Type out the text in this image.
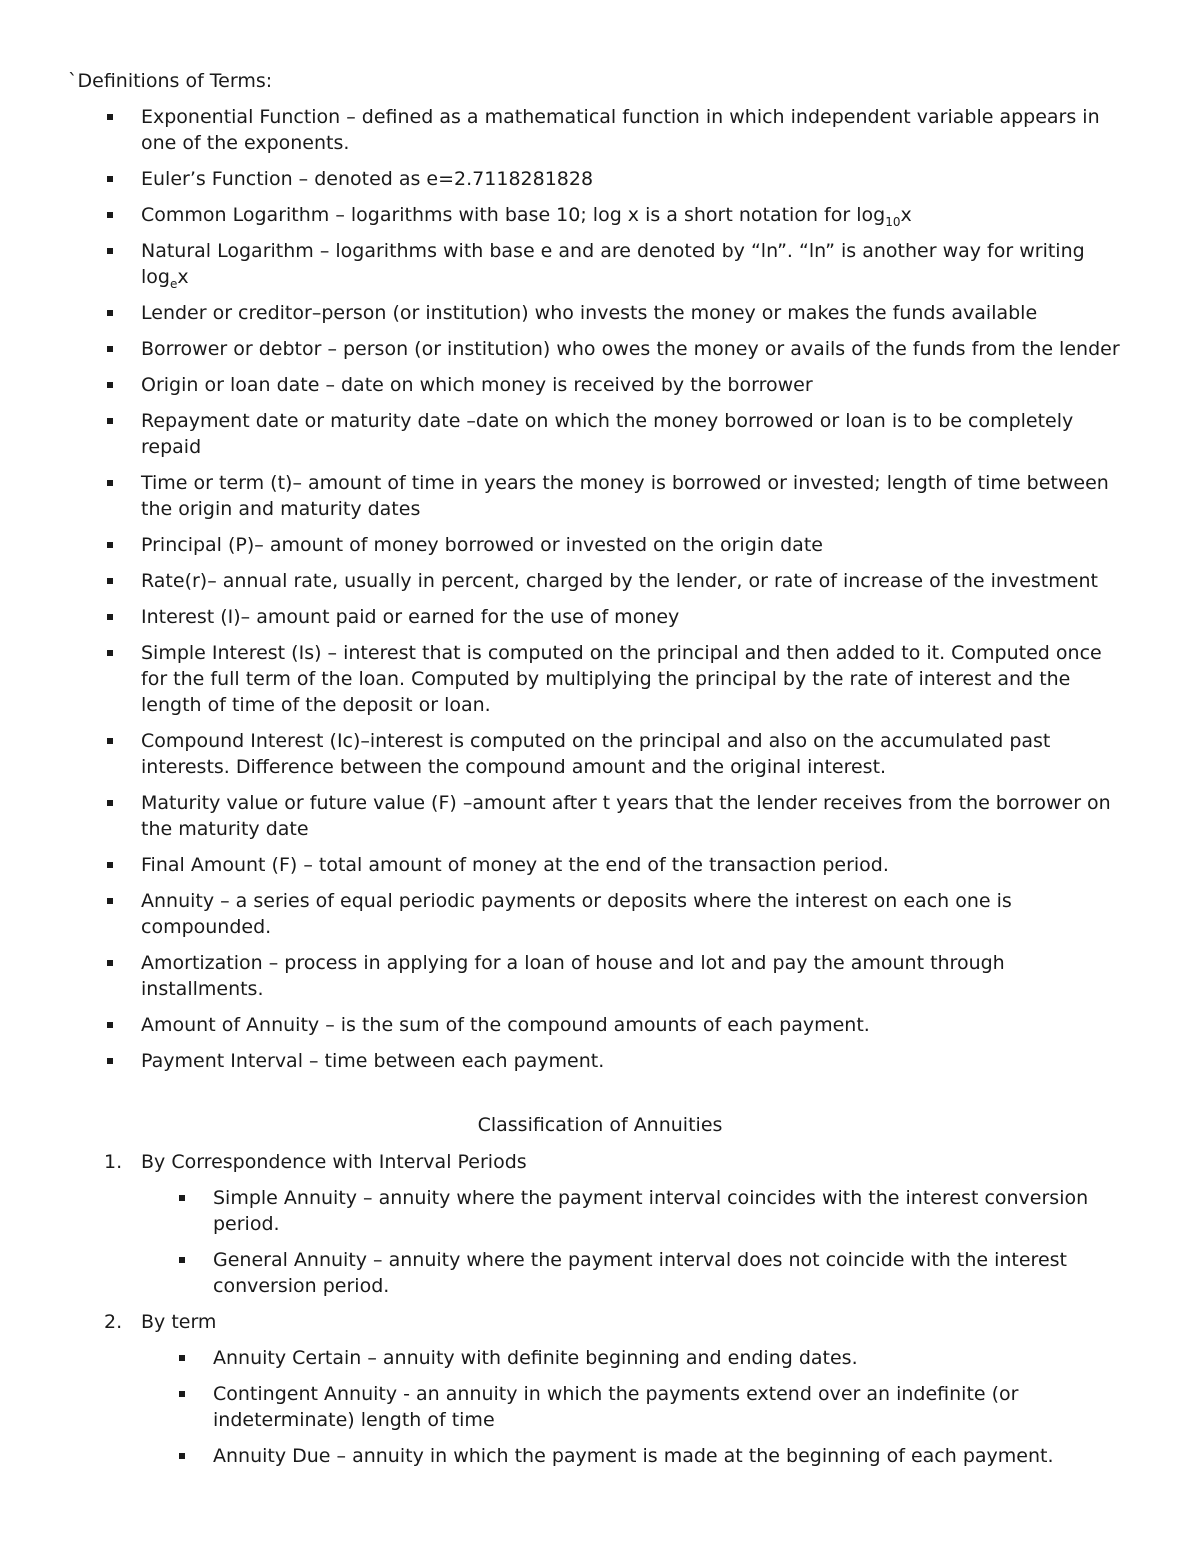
`Definitions of Terms:

Exponential Function – defined as a mathematical function in which independent variable appears in one of the exponents.
Euler’s Function – denoted as e=2.7118281828
Common Logarithm – logarithms with base 10; log x is a short notation for $\log_{10}x$
Natural Logarithm – logarithms with base e and are denoted by “ln”. “ln” is another way for writing $\log_ex$
Lender or creditor–person (or institution) who invests the money or makes the funds available
Borrower or debtor – person (or institution) who owes the money or avails of the funds from the lender
Origin or loan date – date on which money is received by the borrower
Repayment date or maturity date –date on which the money borrowed or loan is to be completely repaid
Time or term (t)– amount of time in years the money is borrowed or invested; length of time between the origin and maturity dates
Principal (P)– amount of money borrowed or invested on the origin date
Rate(r)– annual rate, usually in percent, charged by the lender, or rate of increase of the investment
Interest (I)– amount paid or earned for the use of money
Simple Interest (Is) – interest that is computed on the principal and then added to it. Computed once for the full term of the loan. Computed by multiplying the principal by the rate of interest and the length of time of the deposit or loan.
Compound Interest (Ic)–interest is computed on the principal and also on the accumulated past interests. Difference between the compound amount and the original interest.
Maturity value or future value (F) –amount after t years that the lender receives from the borrower on the maturity date
Final Amount (F) – total amount of money at the end of the transaction period.
Annuity – a series of equal periodic payments or deposits where the interest on each one is compounded.
Amortization – process in applying for a loan of house and lot and pay the amount through installments.
Amount of Annuity – is the sum of the compound amounts of each payment.
Payment Interval – time between each payment.

Classification of Annuities

1. By Correspondence with Interval Periods
Simple Annuity – annuity where the payment interval coincides with the interest conversion period.
General Annuity – annuity where the payment interval does not coincide with the interest conversion period.
2. By term
Annuity Certain – annuity with definite beginning and ending dates.
Contingent Annuity - an annuity in which the payments extend over an indefinite (or indeterminate) length of time
Annuity Due – annuity in which the payment is made at the beginning of each payment.
